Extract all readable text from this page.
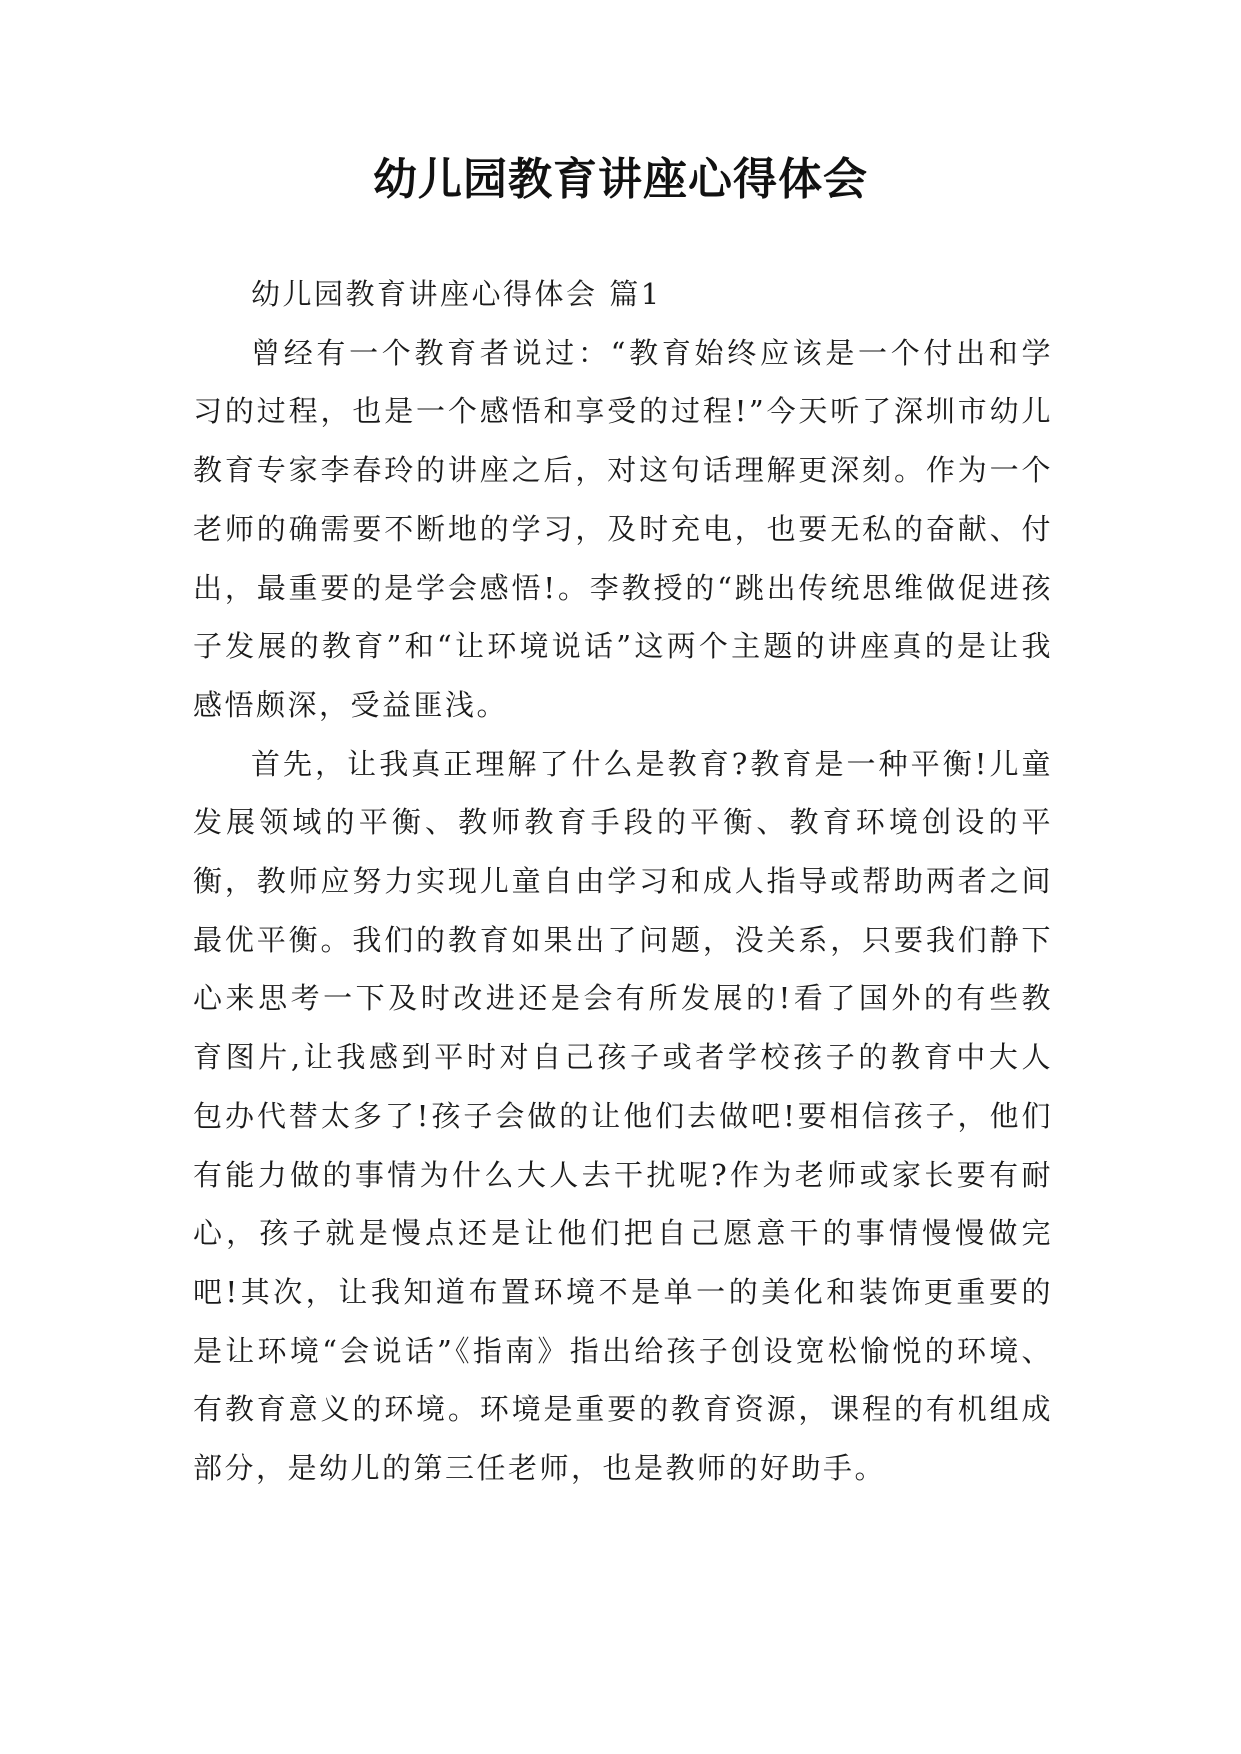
幼儿园教育讲座心得体会

幼儿园教育讲座心得体会 篇1

曾经有一个教育者说过：“教育始终应该是一个付出和学习的过程，也是一个感悟和享受的过程!”今天听了深圳市幼儿教育专家李春玲的讲座之后，对这句话理解更深刻。作为一个老师的确需要不断地的学习，及时充电，也要无私的奋献、付出，最重要的是学会感悟!。李教授的“跳出传统思维做促进孩子发展的教育”和“让环境说话”这两个主题的讲座真的是让我感悟颇深，受益匪浅。

首先，让我真正理解了什么是教育?教育是一种平衡!儿童发展领域的平衡、教师教育手段的平衡、教育环境创设的平衡，教师应努力实现儿童自由学习和成人指导或帮助两者之间最优平衡。我们的教育如果出了问题，没关系，只要我们静下心来思考一下及时改进还是会有所发展的!看了国外的有些教育图片,让我感到平时对自己孩子或者学校孩子的教育中大人包办代替太多了!孩子会做的让他们去做吧!要相信孩子，他们有能力做的事情为什么大人去干扰呢?作为老师或家长要有耐心，孩子就是慢点还是让他们把自己愿意干的事情慢慢做完吧!其次，让我知道布置环境不是单一的美化和装饰更重要的是让环境“会说话”《指南》指出给孩子创设宽松愉悦的环境、有教育意义的环境。环境是重要的教育资源，课程的有机组成部分，是幼儿的第三任老师，也是教师的好助手。
